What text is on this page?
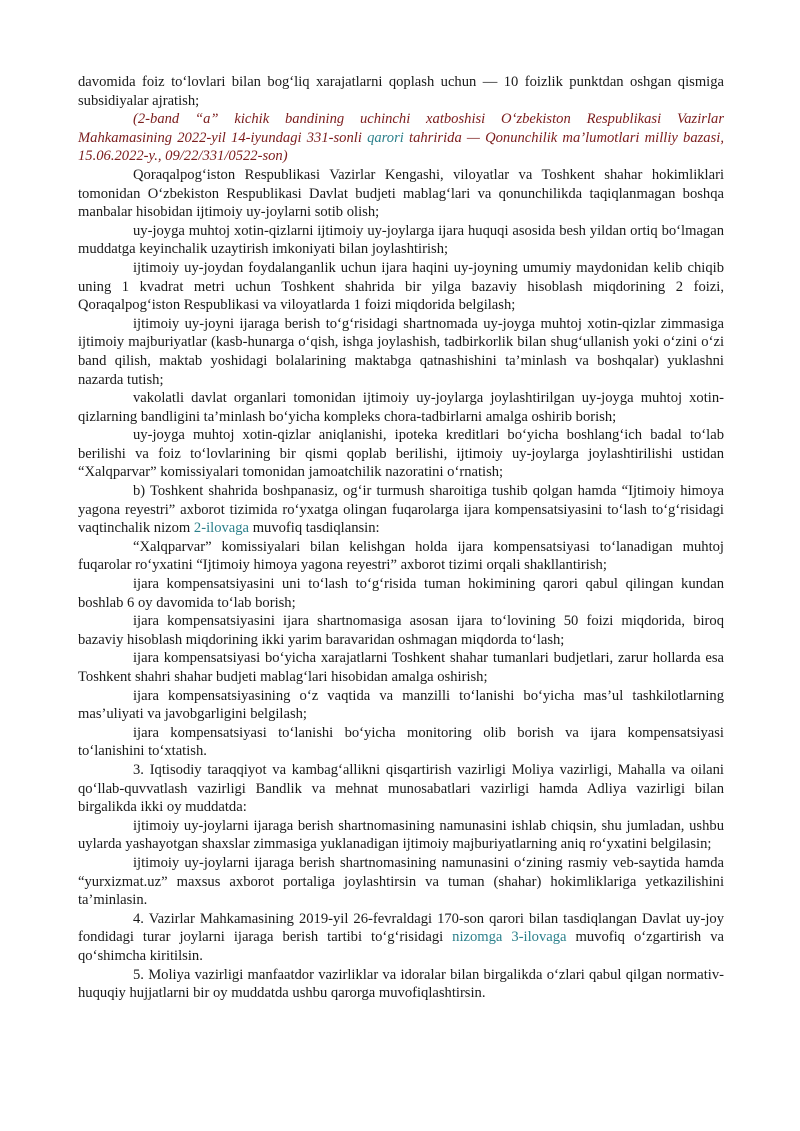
davomida foiz to‘lovlari bilan bog‘liq xarajatlarni qoplash uchun — 10 foizlik punktdan oshgan qismiga subsidiyalar ajratish;

(2-band “a” kichik bandining uchinchi xatboshisi O‘zbekiston Respublikasi Vazirlar Mahkamasining 2022-yil 14-iyundagi 331-sonli qarori tahririda — Qonunchilik ma’lumotlari milliy bazasi, 15.06.2022-y., 09/22/331/0522-son)

Qoraqalpog‘iston Respublikasi Vazirlar Kengashi, viloyatlar va Toshkent shahar hokimliklari tomonidan O‘zbekiston Respublikasi Davlat budjeti mablag‘lari va qonunchilikda taqiqlanmagan boshqa manbalar hisobidan ijtimoiy uy-joylarni sotib olish;

uy-joyga muhtoj xotin-qizlarni ijtimoiy uy-joylarga ijara huquqi asosida besh yildan ortiq bo‘lmagan muddatga keyinchalik uzaytirish imkoniyati bilan joylashtirish;

ijtimoiy uy-joydan foydalanganlik uchun ijara haqini uy-joyning umumiy maydonidan kelib chiqib uning 1 kvadrat metri uchun Toshkent shahrida bir yilga bazaviy hisoblash miqdorining 2 foizi, Qoraqalpog‘iston Respublikasi va viloyatlarda 1 foizi miqdorida belgilash;

ijtimoiy uy-joyni ijaraga berish to‘g‘risidagi shartnomada uy-joyga muhtoj xotin-qizlar zimmasiga ijtimoiy majburiyatlar (kasb-hunarga o‘qish, ishga joylashish, tadbirkorlik bilan shug‘ullanish yoki o‘zini o‘zi band qilish, maktab yoshidagi bolalarining maktabga qatnashishini ta’minlash va boshqalar) yuklashni nazarda tutish;

vakolatli davlat organlari tomonidan ijtimoiy uy-joylarga joylashtirilgan uy-joyga muhtoj xotin-qizlarning bandligini ta’minlash bo‘yicha kompleks chora-tadbirlarni amalga oshirib borish;

uy-joyga muhtoj xotin-qizlar aniqlanishi, ipoteka kreditlari bo‘yicha boshlang‘ich badal to‘lab berilishi va foiz to‘lovlarining bir qismi qoplab berilishi, ijtimoiy uy-joylarga joylashtirilishi ustidan “Xalqparvar” komissiyalari tomonidan jamoatchilik nazoratini o‘rnatish;

b) Toshkent shahrida boshpanasiz, og‘ir turmush sharoitiga tushib qolgan hamda “Ijtimoiy himoya yagona reyestri” axborot tizimida ro‘yxatga olingan fuqarolarga ijara kompensatsiyasini to‘lash to‘g‘risidagi vaqtinchalik nizom 2-ilovaga muvofiq tasdiqlansin:

“Xalqparvar” komissiyalari bilan kelishgan holda ijara kompensatsiyasi to‘lanadigan muhtoj fuqarolar ro‘yxatini “Ijtimoiy himoya yagona reyestri” axborot tizimi orqali shakllantirish;

ijara kompensatsiyasini uni to‘lash to‘g‘risida tuman hokimining qarori qabul qilingan kundan boshlab 6 oy davomida to‘lab borish;

ijara kompensatsiyasini ijara shartnomasiga asosan ijara to‘lovining 50 foizi miqdorida, biroq bazaviy hisoblash miqdorining ikki yarim baravaridan oshmagan miqdorda to‘lash;

ijara kompensatsiyasi bo‘yicha xarajatlarni Toshkent shahar tumanlari budjetlari, zarur hollarda esa Toshkent shahri shahar budjeti mablag‘lari hisobidan amalga oshirish;

ijara kompensatsiyasining o‘z vaqtida va manzilli to‘lanishi bo‘yicha mas’ul tashkilotlarning mas’uliyati va javobgarligini belgilash;

ijara kompensatsiyasi to‘lanishi bo‘yicha monitoring olib borish va ijara kompensatsiyasi to‘lanishini to‘xtatish.

3. Iqtisodiy taraqqiyot va kambag‘allikni qisqartirish vazirligi Moliya vazirligi, Mahalla va oilani qo‘llab-quvvatlash vazirligi Bandlik va mehnat munosabatlari vazirligi hamda Adliya vazirligi bilan birgalikda ikki oy muddatda:

ijtimoiy uy-joylarni ijaraga berish shartnomasining namunasini ishlab chiqsin, shu jumladan, ushbu uylarda yashayotgan shaxslar zimmasiga yuklanadigan ijtimoiy majburiyatlarning aniq ro‘yxatini belgilasin;

ijtimoiy uy-joylarni ijaraga berish shartnomasining namunasini o‘zining rasmiy veb-saytida hamda “yurxizmat.uz” maxsus axborot portaliga joylashtirsin va tuman (shahar) hokimliklariga yetkazilishini ta’minlasin.

4. Vazirlar Mahkamasining 2019-yil 26-fevraldagi 170-son qarori bilan tasdiqlangan Davlat uy-joy fondidagi turar joylarni ijaraga berish tartibi to‘g‘risidagi nizomga 3-ilovaga muvofiq o‘zgartirish va qo‘shimcha kiritilsin.

5. Moliya vazirligi manfaatdor vazirliklar va idoralar bilan birgalikda o‘zlari qabul qilgan normativ-huquqiy hujjatlarni bir oy muddatda ushbu qarorga muvofiqlashtirsin.
